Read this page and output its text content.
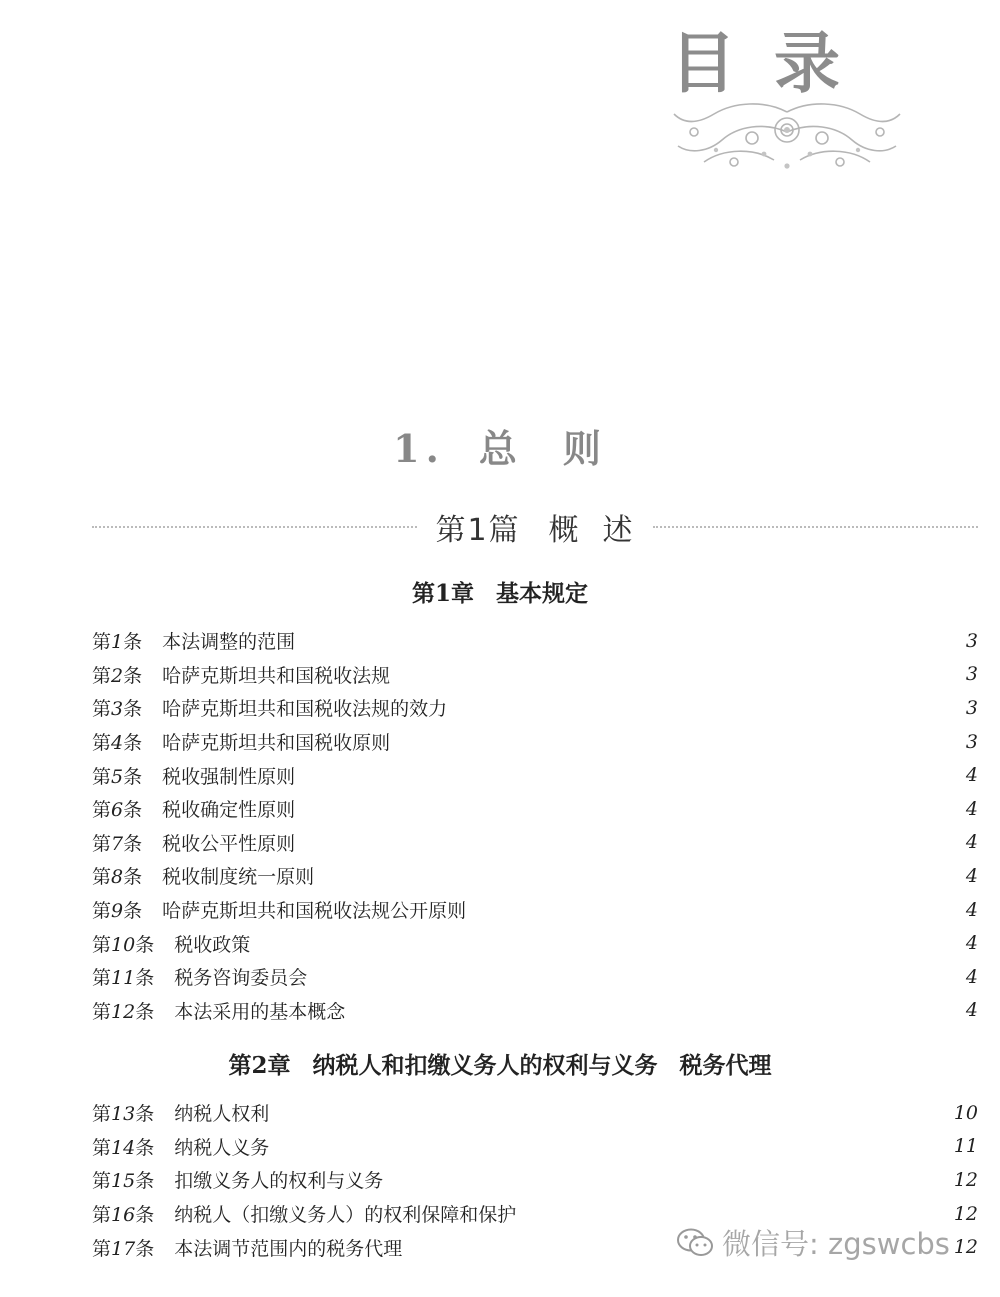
目录
1. 总 则
第1篇 概 述
第1章 基本规定
第1条 本法调整的范围	3
第2条 哈萨克斯坦共和国税收法规	3
第3条 哈萨克斯坦共和国税收法规的效力	3
第4条 哈萨克斯坦共和国税收原则	3
第5条 税收强制性原则	4
第6条 税收确定性原则	4
第7条 税收公平性原则	4
第8条 税收制度统一原则	4
第9条 哈萨克斯坦共和国税收法规公开原则	4
第10条 税收政策	4
第11条 税务咨询委员会	4
第12条 本法采用的基本概念	4
第2章 纳税人和扣缴义务人的权利与义务 税务代理
第13条 纳税人权利	10
第14条 纳税人义务	11
第15条 扣缴义务人的权利与义务	12
第16条 纳税人（扣缴义务人）的权利保障和保护	12
第17条 本法调节范围内的税务代理	12
微信号: zgswcbs
